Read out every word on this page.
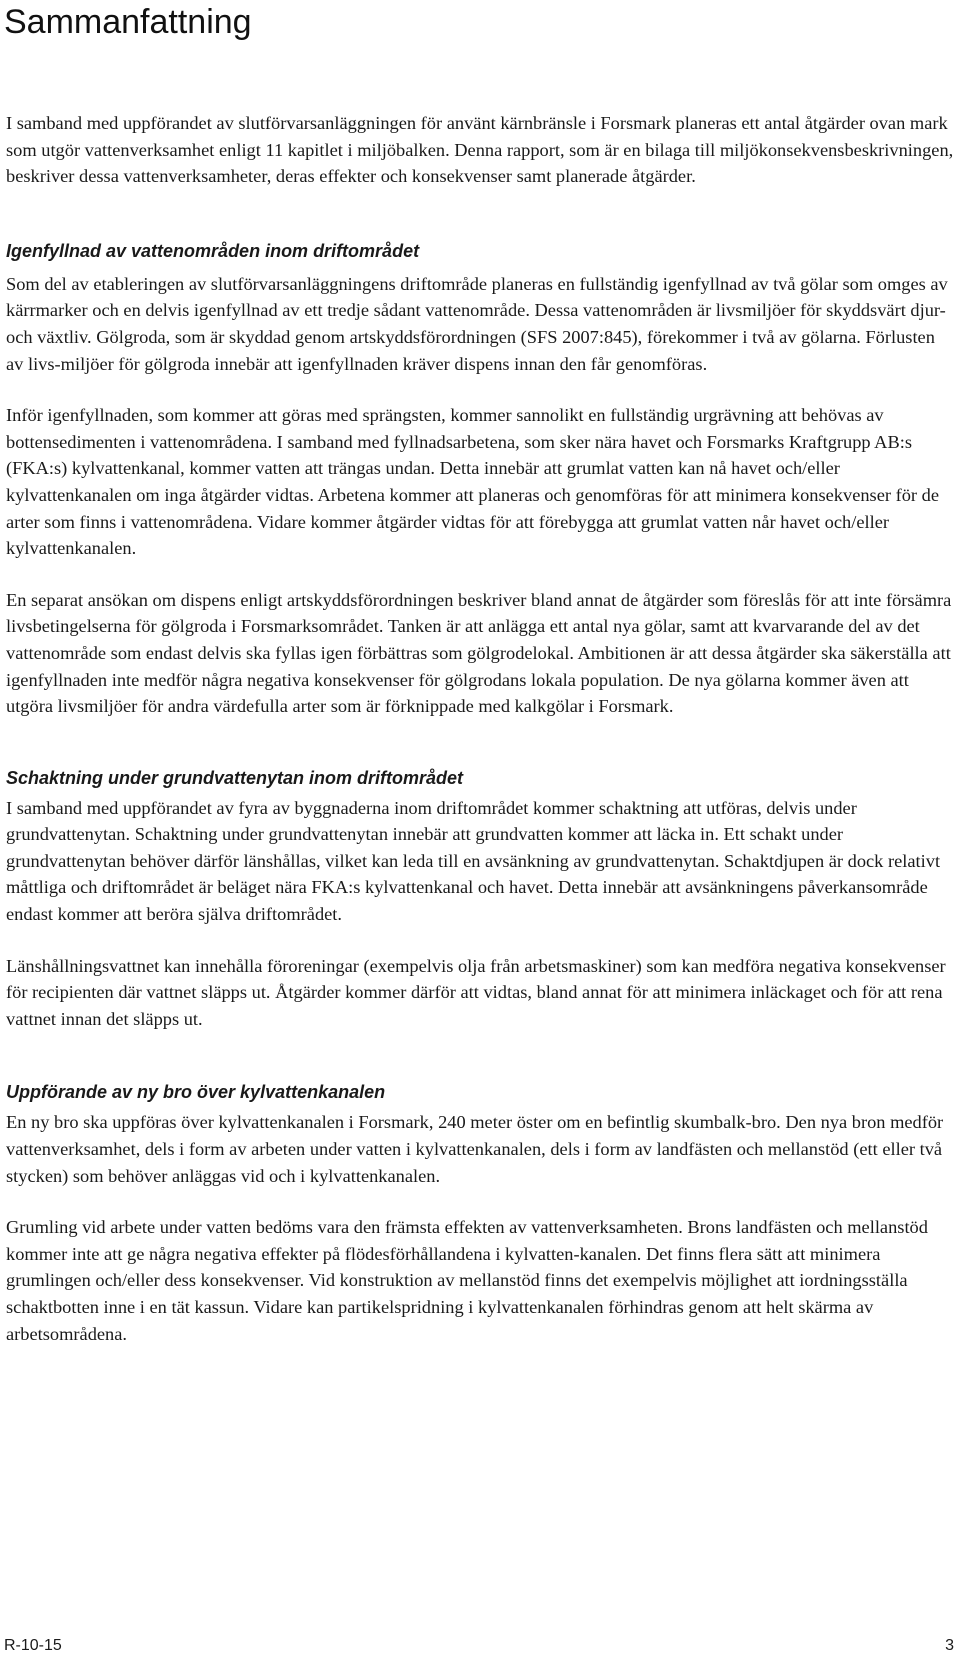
Sammanfattning

I samband med uppförandet av slutförvarsanläggningen för använt kärnbränsle i Forsmark planeras ett antal åtgärder ovan mark som utgör vattenverksamhet enligt 11 kapitlet i miljöbalken. Denna rapport, som är en bilaga till miljökonsekvensbeskrivningen, beskriver dessa vattenverksamheter, deras effekter och konsekvenser samt planerade åtgärder.

Igenfyllnad av vattenområden inom driftområdet

Som del av etableringen av slutförvarsanläggningens driftområde planeras en fullständig igenfyllnad av två gölar som omges av kärrmarker och en delvis igenfyllnad av ett tredje sådant vattenområde. Dessa vattenområden är livsmiljöer för skyddsvärt djur- och växtliv. Gölgroda, som är skyddad genom artskyddsförordningen (SFS 2007:845), förekommer i två av gölarna. Förlusten av livs-miljöer för gölgroda innebär att igenfyllnaden kräver dispens innan den får genomföras.

Inför igenfyllnaden, som kommer att göras med sprängsten, kommer sannolikt en fullständig urgrävning att behövas av bottensedimenten i vattenområdena. I samband med fyllnadsarbetena, som sker nära havet och Forsmarks Kraftgrupp AB:s (FKA:s) kylvattenkanal, kommer vatten att trängas undan. Detta innebär att grumlat vatten kan nå havet och/eller kylvattenkanalen om inga åtgärder vidtas. Arbetena kommer att planeras och genomföras för att minimera konsekvenser för de arter som finns i vattenområdena. Vidare kommer åtgärder vidtas för att förebygga att grumlat vatten når havet och/eller kylvattenkanalen.

En separat ansökan om dispens enligt artskyddsförordningen beskriver bland annat de åtgärder som föreslås för att inte försämra livsbetingelserna för gölgroda i Forsmarksområdet. Tanken är att anlägga ett antal nya gölar, samt att kvarvarande del av det vattenområde som endast delvis ska fyllas igen förbättras som gölgrodelokal. Ambitionen är att dessa åtgärder ska säkerställa att igenfyllnaden inte medför några negativa konsekvenser för gölgrodans lokala population. De nya gölarna kommer även att utgöra livsmiljöer för andra värdefulla arter som är förknippade med kalkgölar i Forsmark.

Schaktning under grundvattenytan inom driftområdet

I samband med uppförandet av fyra av byggnaderna inom driftområdet kommer schaktning att utföras, delvis under grundvattenytan. Schaktning under grundvattenytan innebär att grundvatten kommer att läcka in. Ett schakt under grundvattenytan behöver därför länshållas, vilket kan leda till en avsänkning av grundvattenytan. Schaktdjupen är dock relativt måttliga och driftområdet är beläget nära FKA:s kylvattenkanal och havet. Detta innebär att avsänkningens påverkansområde endast kommer att beröra själva driftområdet.

Länshållningsvattnet kan innehålla föroreningar (exempelvis olja från arbetsmaskiner) som kan medföra negativa konsekvenser för recipienten där vattnet släpps ut. Åtgärder kommer därför att vidtas, bland annat för att minimera inläckaget och för att rena vattnet innan det släpps ut.

Uppförande av ny bro över kylvattenkanalen

En ny bro ska uppföras över kylvattenkanalen i Forsmark, 240 meter öster om en befintlig skumbalk-bro. Den nya bron medför vattenverksamhet, dels i form av arbeten under vatten i kylvattenkanalen, dels i form av landfästen och mellanstöd (ett eller två stycken) som behöver anläggas vid och i kylvattenkanalen.

Grumling vid arbete under vatten bedöms vara den främsta effekten av vattenverksamheten. Brons landfästen och mellanstöd kommer inte att ge några negativa effekter på flödesförhållandena i kylvatten-kanalen. Det finns flera sätt att minimera grumlingen och/eller dess konsekvenser. Vid konstruktion av mellanstöd finns det exempelvis möjlighet att iordningsställa schaktbotten inne i en tät kassun. Vidare kan partikelspridning i kylvattenkanalen förhindras genom att helt skärma av arbetsområdena.

R-10-15	3
